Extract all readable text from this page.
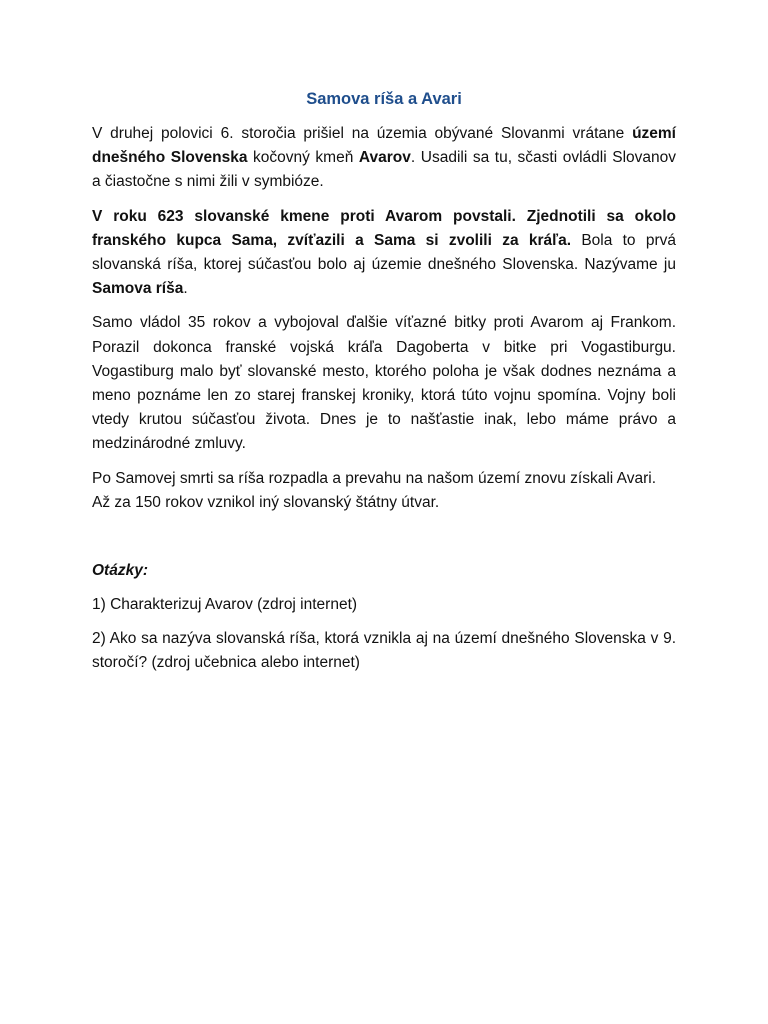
Samova ríša a Avari

V druhej polovici 6. storočia prišiel na územia obývané Slovanmi vrátane území dnešného Slovenska kočovný kmeň Avarov. Usadili sa tu, sčasti ovládli Slovanov a čiastočne s nimi žili v symbióze.

V roku 623 slovanské kmene proti Avarom povstali. Zjednotili sa okolo franského kupca Sama, zvíťazili a Sama si zvolili za kráľa. Bola to prvá slovanská ríša, ktorej súčasťou bolo aj územie dnešného Slovenska. Nazývame ju Samova ríša.

Samo vládol 35 rokov a vybojoval ďalšie víťazné bitky proti Avarom aj Frankom. Porazil dokonca franské vojská kráľa Dagoberta v bitke pri Vogastiburgu. Vogastiburg malo byť slovanské mesto, ktorého poloha je však dodnes neznáma a meno poznáme len zo starej franskej kroniky, ktorá túto vojnu spomína. Vojny boli vtedy krutou súčasťou života. Dnes je to našťastie inak, lebo máme právo a medzinárodné zmluvy.

Po Samovej smrti sa ríša rozpadla a prevahu na našom území znovu získali Avari. Až za 150 rokov vznikol iný slovanský štátny útvar.

Otázky:

1) Charakterizuj Avarov (zdroj internet)

2) Ako sa nazýva slovanská ríša, ktorá vznikla aj na území dnešného Slovenska v 9. storočí? (zdroj učebnica alebo internet)
